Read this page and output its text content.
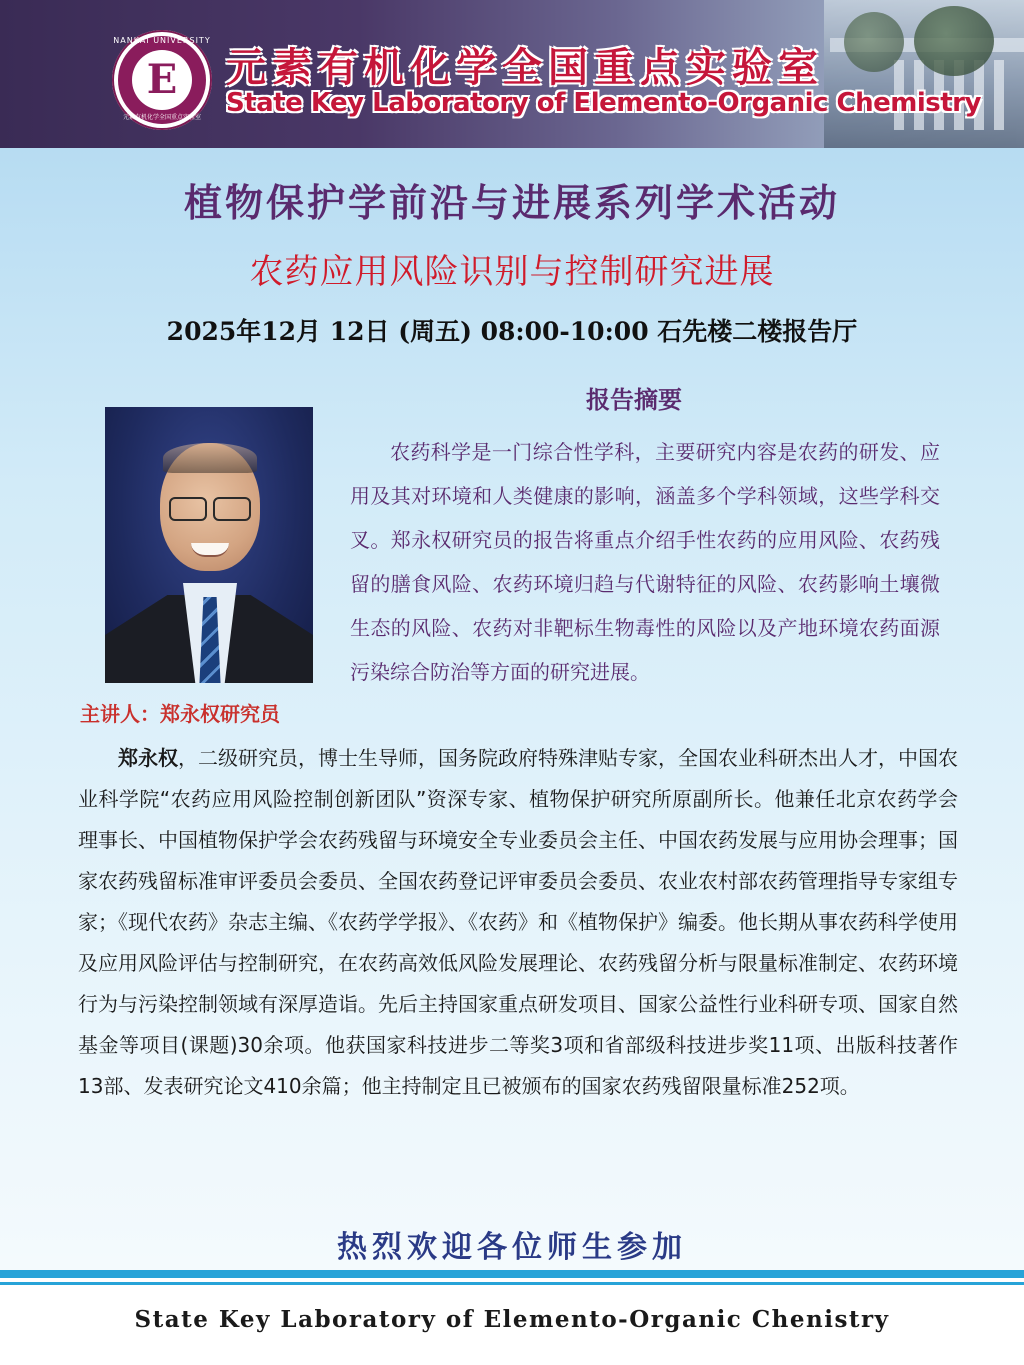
NANKAI UNIVERSITY
E
元素有机化学全国重点实验室
元素有机化学全国重点实验室
State Key Laboratory of Elemento-Organic Chemistry
植物保护学前沿与进展系列学术活动
农药应用风险识别与控制研究进展
2025年12月 12日 (周五) 08:00-10:00 石先楼二楼报告厅
报告摘要
主讲人：郑永权研究员

农药科学是一门综合性学科，主要研究内容是农药的研发、应用及其对环境和人类健康的影响，涵盖多个学科领域，这些学科交叉。郑永权研究员的报告将重点介绍手性农药的应用风险、农药残留的膳食风险、农药环境归趋与代谢特征的风险、农药影响土壤微生态的风险、农药对非靶标生物毒性的风险以及产地环境农药面源污染综合防治等方面的研究进展。

郑永权，二级研究员，博士生导师，国务院政府特殊津贴专家，全国农业科研杰出人才，中国农业科学院“农药应用风险控制创新团队”资深专家、植物保护研究所原副所长。他兼任北京农药学会理事长、中国植物保护学会农药残留与环境安全专业委员会主任、中国农药发展与应用协会理事；国家农药残留标准审评委员会委员、全国农药登记评审委员会委员、农业农村部农药管理指导专家组专家；《现代农药》杂志主编、《农药学学报》、《农药》和《植物保护》编委。他长期从事农药科学使用及应用风险评估与控制研究，在农药高效低风险发展理论、农药残留分析与限量标准制定、农药环境行为与污染控制领域有深厚造诣。先后主持国家重点研发项目、国家公益性行业科研专项、国家自然基金等项目(课题)30余项。他获国家科技进步二等奖3项和省部级科技进步奖11项、出版科技著作13部、发表研究论文410余篇；他主持制定且已被颁布的国家农药残留限量标准252项。

热烈欢迎各位师生参加
State Key Laboratory of Elemento-Organic Chenistry
